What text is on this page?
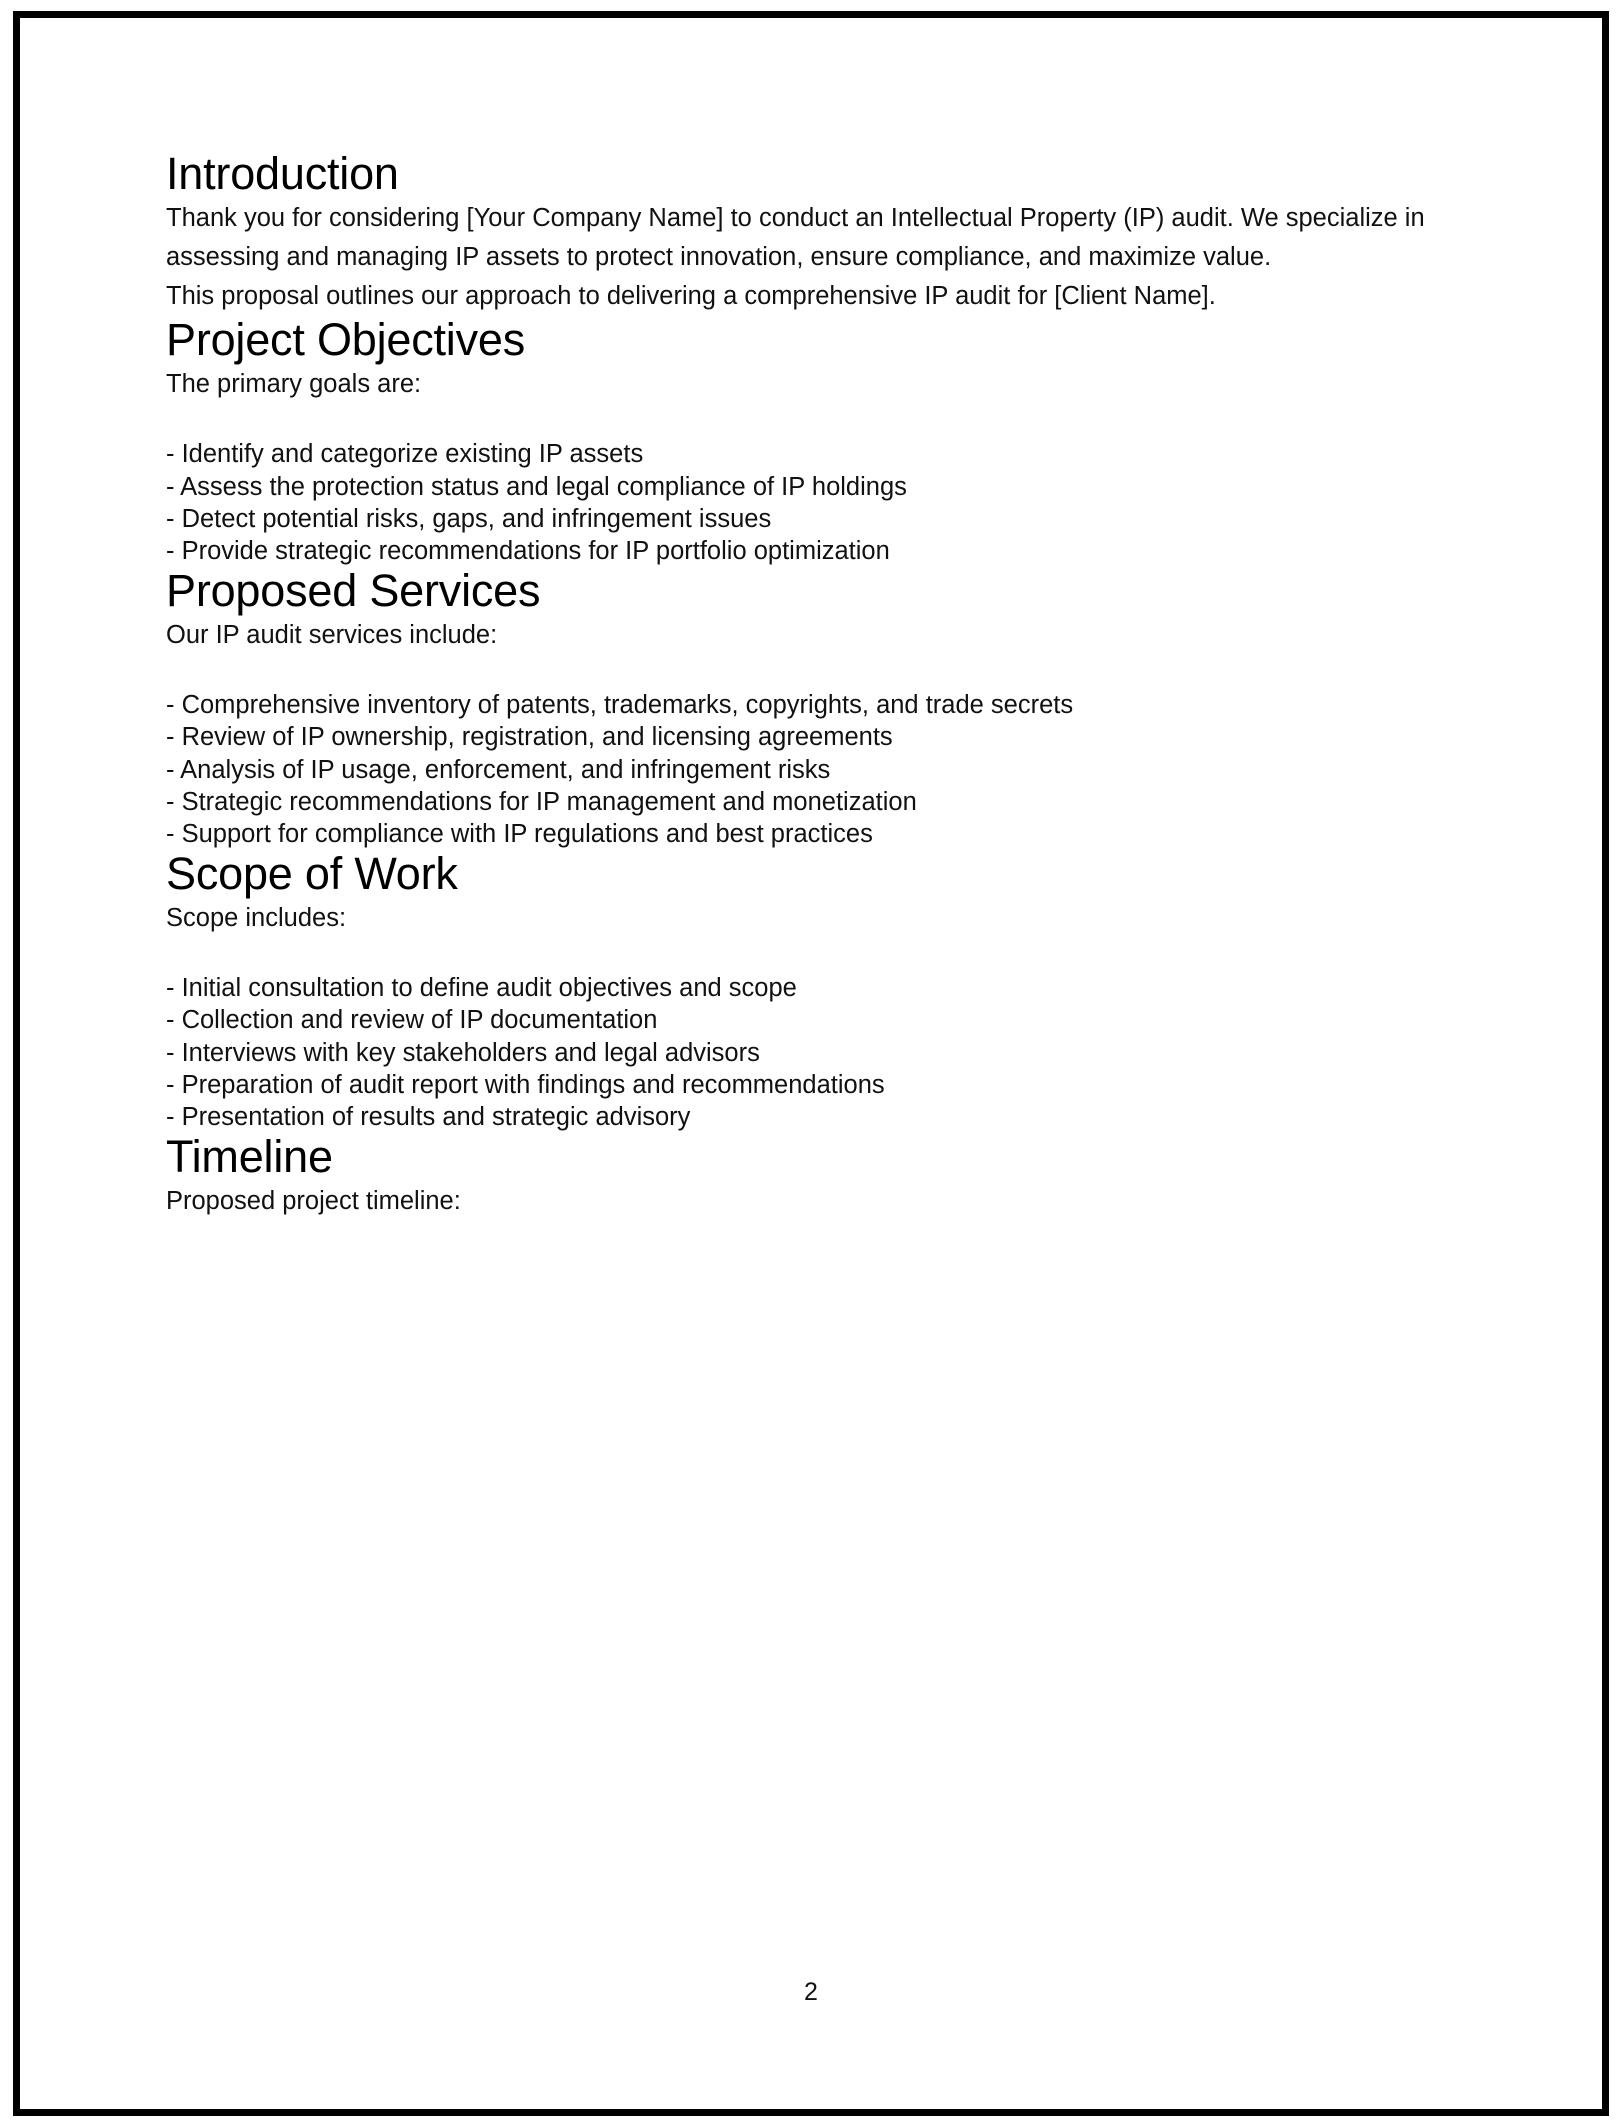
Introduction

Thank you for considering [Your Company Name] to conduct an Intellectual Property (IP) audit. We specialize in assessing and managing IP assets to protect innovation, ensure compliance, and maximize value.

This proposal outlines our approach to delivering a comprehensive IP audit for [Client Name].

Project Objectives

The primary goals are:

- Identify and categorize existing IP assets
- Assess the protection status and legal compliance of IP holdings
- Detect potential risks, gaps, and infringement issues
- Provide strategic recommendations for IP portfolio optimization
Proposed Services

Our IP audit services include:

- Comprehensive inventory of patents, trademarks, copyrights, and trade secrets
- Review of IP ownership, registration, and licensing agreements
- Analysis of IP usage, enforcement, and infringement risks
- Strategic recommendations for IP management and monetization
- Support for compliance with IP regulations and best practices
Scope of Work

Scope includes:

- Initial consultation to define audit objectives and scope
- Collection and review of IP documentation
- Interviews with key stakeholders and legal advisors
- Preparation of audit report with findings and recommendations
- Presentation of results and strategic advisory
Timeline

Proposed project timeline:

2
